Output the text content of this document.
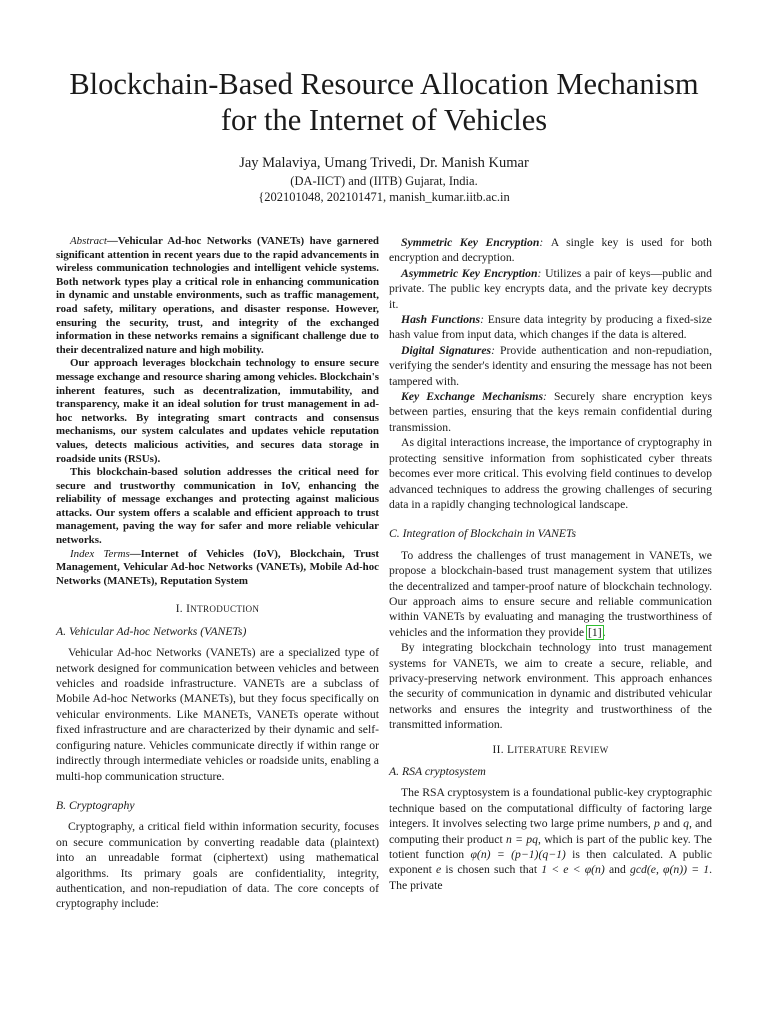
Blockchain-Based Resource Allocation Mechanism
for the Internet of Vehicles
Jay Malaviya, Umang Trivedi, Dr. Manish Kumar
(DA-IICT) and (IITB) Gujarat, India.
{202101048, 202101471, manish_kumar.iitb.ac.in

Abstract—Vehicular Ad-hoc Networks (VANETs) have garnered significant attention in recent years due to the rapid advancements in wireless communication technologies and intelligent vehicle systems. Both network types play a critical role in enhancing communication in dynamic and unstable environments, such as traffic management, road safety, military operations, and disaster response. However, ensuring the security, trust, and integrity of the exchanged information in these networks remains a significant challenge due to their decentralized nature and high mobility.

Our approach leverages blockchain technology to ensure secure message exchange and resource sharing among vehicles. Blockchain's inherent features, such as decentralization, immutability, and transparency, make it an ideal solution for trust management in ad-hoc networks. By integrating smart contracts and consensus mechanisms, our system calculates and updates vehicle reputation values, detects malicious activities, and secures data storage in roadside units (RSUs).

This blockchain-based solution addresses the critical need for secure and trustworthy communication in IoV, enhancing the reliability of message exchanges and protecting against malicious attacks. Our system offers a scalable and efficient approach to trust management, paving the way for safer and more reliable vehicular networks.

Index Terms—Internet of Vehicles (IoV), Blockchain, Trust Management, Vehicular Ad-hoc Networks (VANETs), Mobile Ad-hoc Networks (MANETs), Reputation System

I. INTRODUCTION
A. Vehicular Ad-hoc Networks (VANETs)

Vehicular Ad-hoc Networks (VANETs) are a specialized type of network designed for communication between vehicles and between vehicles and roadside infrastructure. VANETs are a subclass of Mobile Ad-hoc Networks (MANETs), but they focus specifically on vehicular environments. Like MANETs, VANETs operate without fixed infrastructure and are characterized by their dynamic and self-configuring nature. Vehicles communicate directly if within range or indirectly through intermediate vehicles or roadside units, enabling a multi-hop communication structure.

B. Cryptography

Cryptography, a critical field within information security, focuses on secure communication by converting readable data (plaintext) into an unreadable format (ciphertext) using mathematical algorithms. Its primary goals are confidentiality, integrity, authentication, and non-repudiation of data. The core concepts of cryptography include:

Symmetric Key Encryption: A single key is used for both encryption and decryption.

Asymmetric Key Encryption: Utilizes a pair of keys—public and private. The public key encrypts data, and the private key decrypts it.

Hash Functions: Ensure data integrity by producing a fixed-size hash value from input data, which changes if the data is altered.

Digital Signatures: Provide authentication and non-repudiation, verifying the sender's identity and ensuring the message has not been tampered with.

Key Exchange Mechanisms: Securely share encryption keys between parties, ensuring that the keys remain confidential during transmission.

As digital interactions increase, the importance of cryptography in protecting sensitive information from sophisticated cyber threats becomes ever more critical. This evolving field continues to develop advanced techniques to address the growing challenges of securing data in a rapidly changing technological landscape.

C. Integration of Blockchain in VANETs

To address the challenges of trust management in VANETs, we propose a blockchain-based trust management system that utilizes the decentralized and tamper-proof nature of blockchain technology. Our approach aims to ensure secure and reliable communication within VANETs by evaluating and managing the trustworthiness of vehicles and the information they provide [1].

By integrating blockchain technology into trust management systems for VANETs, we aim to create a secure, reliable, and privacy-preserving network environment. This approach enhances the security of communication in dynamic and distributed vehicular networks and ensures the integrity and trustworthiness of the transmitted information.

II. LITERATURE REVIEW
A. RSA cryptosystem

The RSA cryptosystem is a foundational public-key cryptographic technique based on the computational difficulty of factoring large integers. It involves selecting two large prime numbers, p and q, and computing their product n = pq, which is part of the public key. The totient function φ(n) = (p−1)(q−1) is then calculated. A public exponent e is chosen such that 1 < e < φ(n) and gcd(e, φ(n)) = 1. The private
